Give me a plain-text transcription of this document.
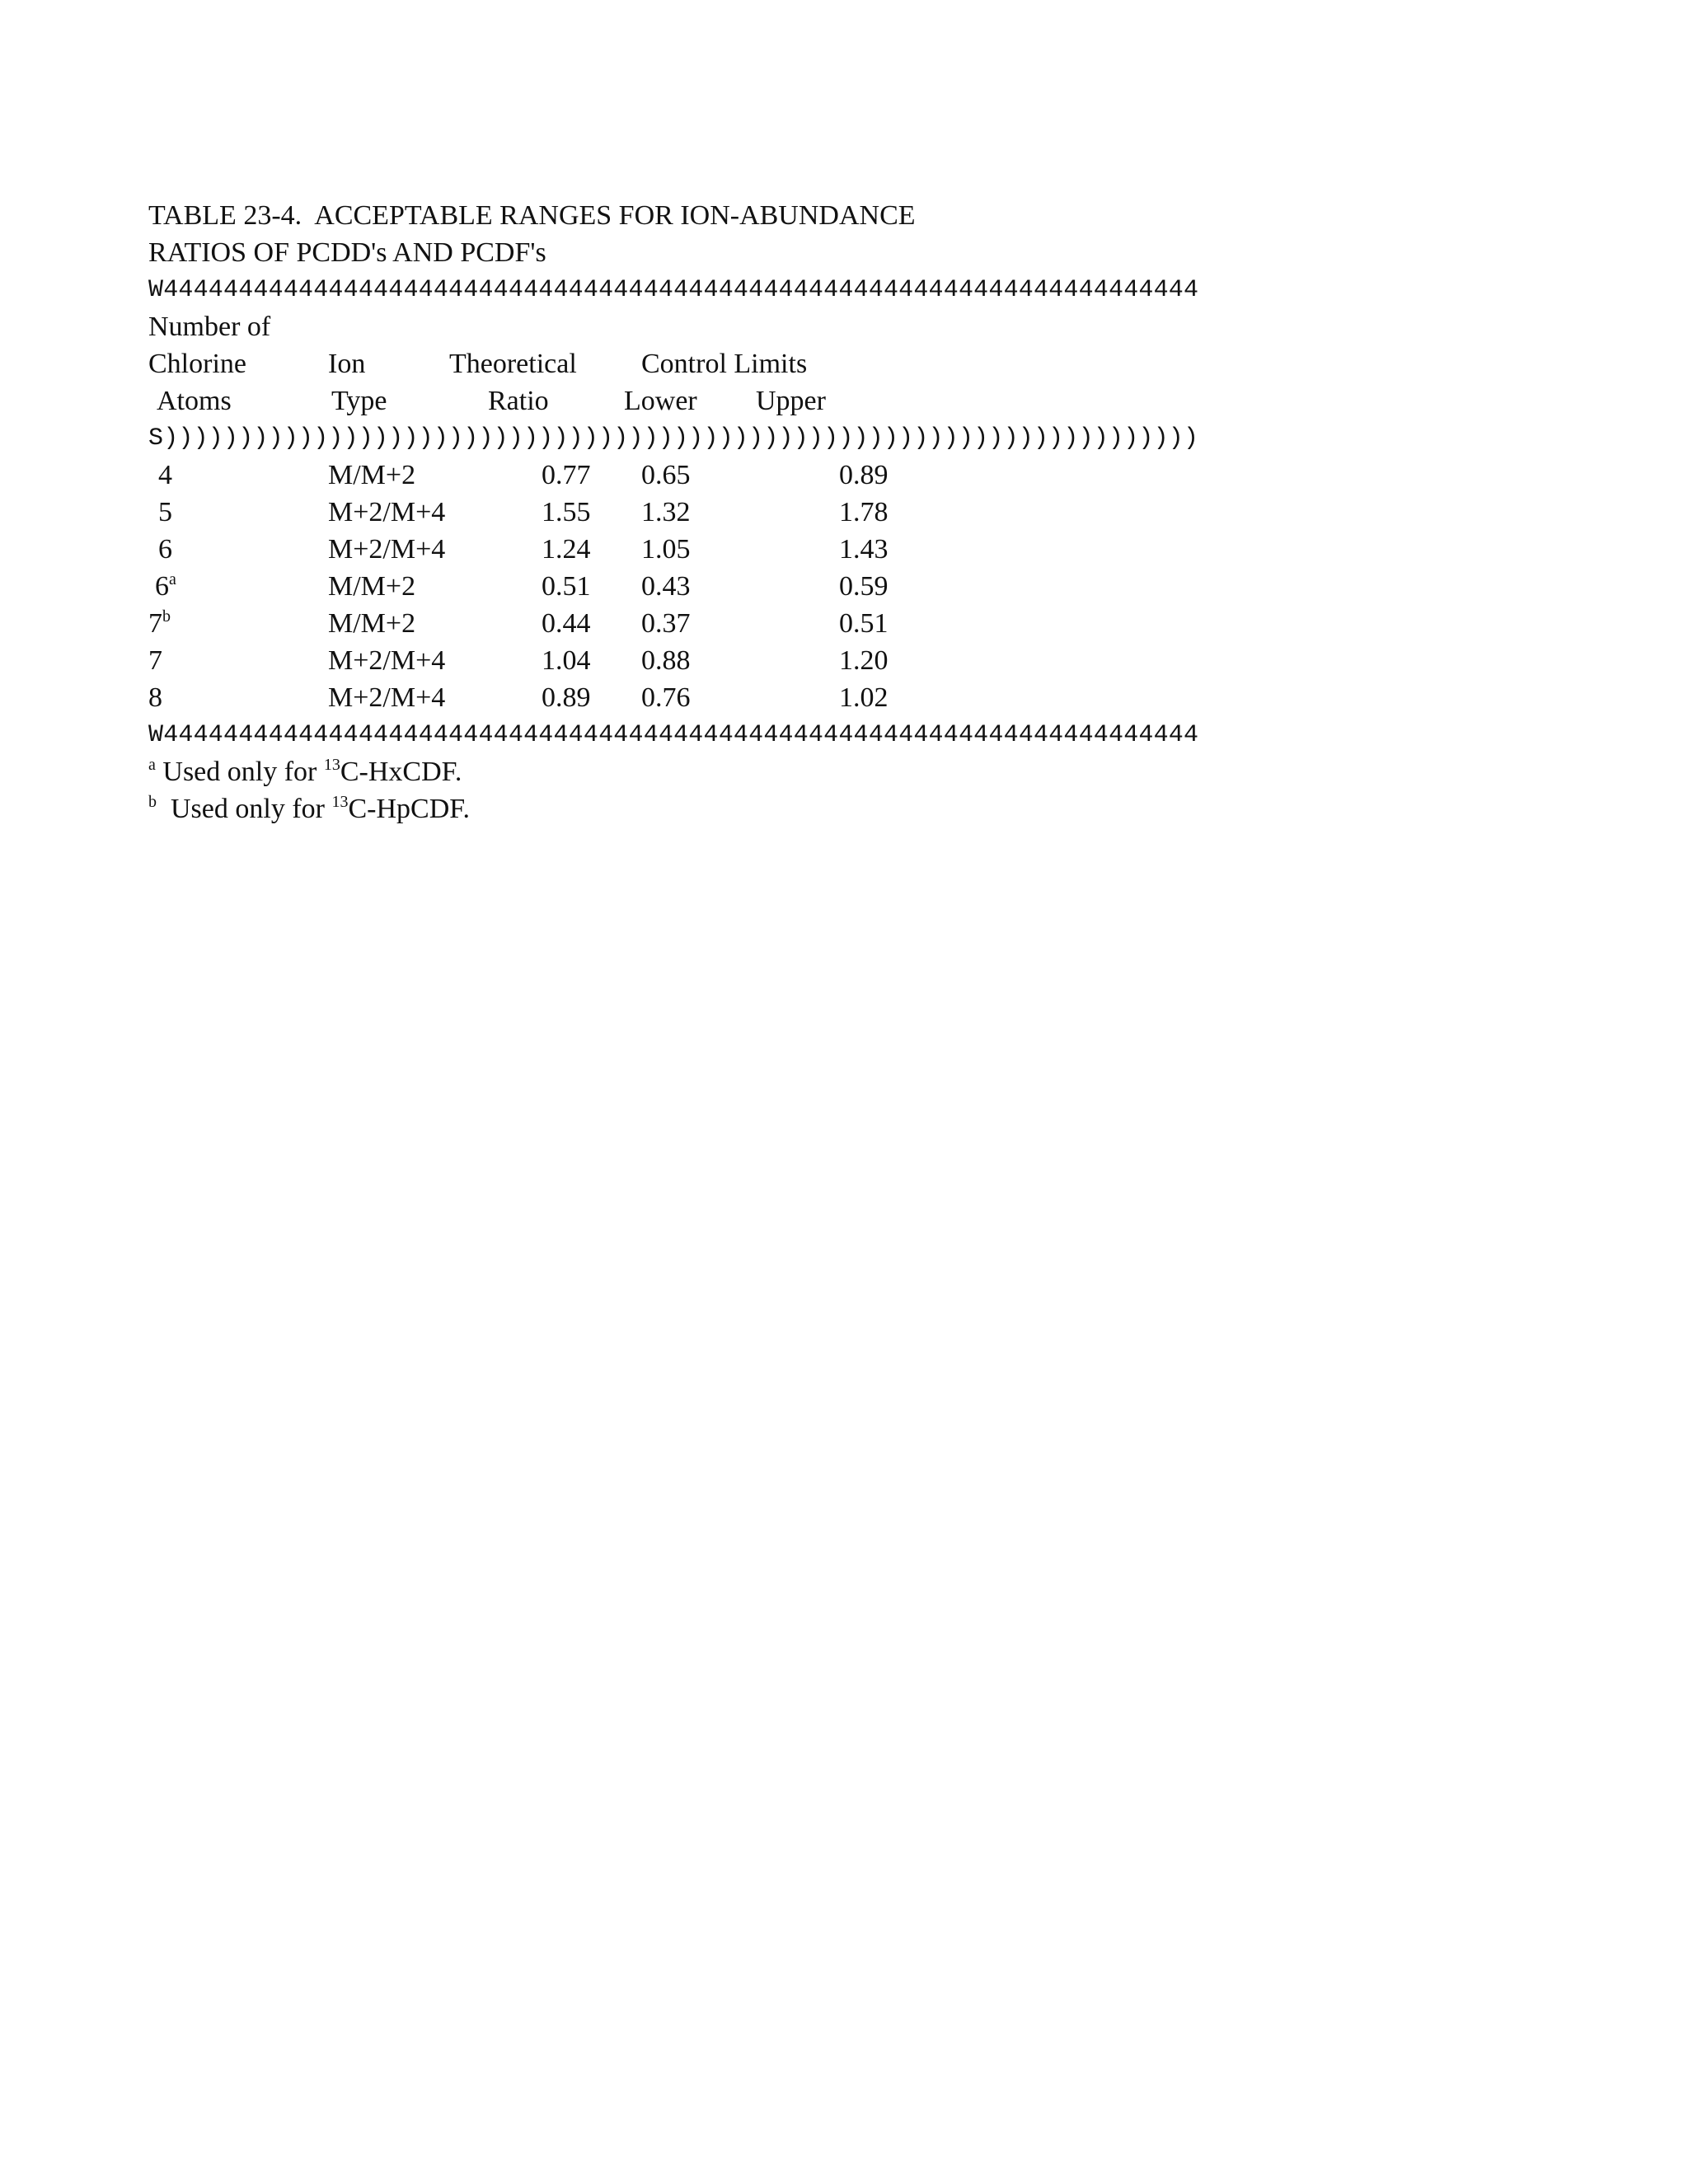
TABLE 23-4.  ACCEPTABLE RANGES FOR ION-ABUNDANCE
RATIOS OF PCDD's AND PCDF's
W444444444444444444444444444444444444444444444444444444444444444444444
Number of
Chlorine	Ion	Theoretical Control Limits
Atoms	Type	Ratio	Lower Upper
S)))))))))))))))))))))))))))))))))))))))))))))))))))))))))))))))))))))
4	M/M+2	0.77 0.65	0.89
5	M+2/M+4	1.55 1.32	1.78
6	M+2/M+4	1.24 1.05	1.43
6$^a$	M/M+2	0.51 0.43	0.59
7$^b$	M/M+2	0.44 0.37	0.51
7	M+2/M+4	1.04 0.88	1.20
8	M+2/M+4	0.89 0.76	1.02
W444444444444444444444444444444444444444444444444444444444444444444444
$^a$ Used only for $^{13}$C-HxCDF.
$^b$  Used only for $^{13}$C-HpCDF.
